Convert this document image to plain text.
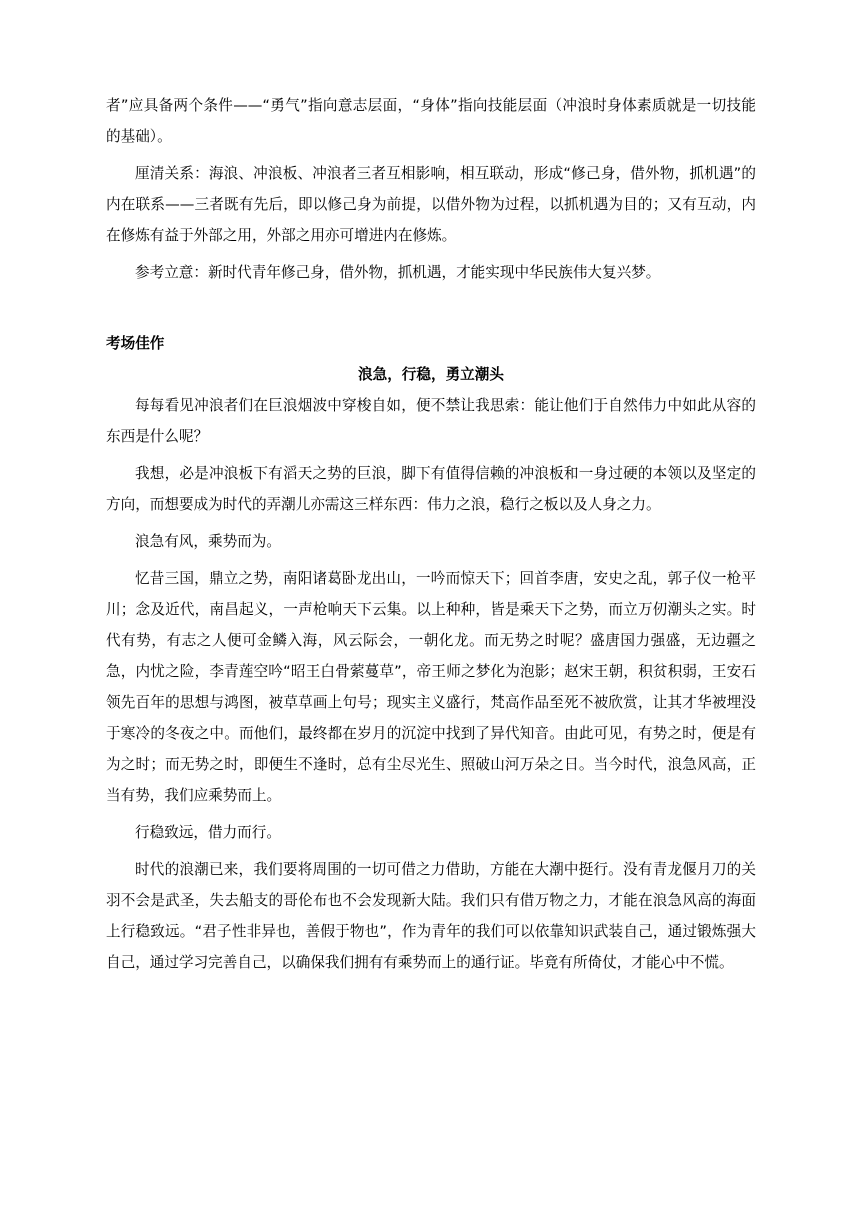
者”应具备两个条件——“勇气”指向意志层面，“身体”指向技能层面（冲浪时身体素质就是一切技能的基础）。

厘清关系：海浪、冲浪板、冲浪者三者互相影响，相互联动，形成“修己身，借外物，抓机遇”的内在联系——三者既有先后，即以修己身为前提，以借外物为过程，以抓机遇为目的；又有互动，内在修炼有益于外部之用，外部之用亦可增进内在修炼。

参考立意：新时代青年修己身，借外物，抓机遇，才能实现中华民族伟大复兴梦。

考场佳作

浪急，行稳，勇立潮头

每每看见冲浪者们在巨浪烟波中穿梭自如，便不禁让我思索：能让他们于自然伟力中如此从容的东西是什么呢？

我想，必是冲浪板下有滔天之势的巨浪，脚下有值得信赖的冲浪板和一身过硬的本领以及坚定的方向，而想要成为时代的弄潮儿亦需这三样东西：伟力之浪，稳行之板以及人身之力。

浪急有风，乘势而为。

忆昔三国，鼎立之势，南阳诸葛卧龙出山，一吟而惊天下；回首李唐，安史之乱，郭子仪一枪平川；念及近代，南昌起义，一声枪响天下云集。以上种种，皆是乘天下之势，而立万仞潮头之实。时代有势，有志之人便可金鳞入海，风云际会，一朝化龙。而无势之时呢？盛唐国力强盛，无边疆之急，内忧之险，李青莲空吟“昭王白骨萦蔓草”，帝王师之梦化为泡影；赵宋王朝，积贫积弱，王安石领先百年的思想与鸿图，被草草画上句号；现实主义盛行，梵高作品至死不被欣赏，让其才华被埋没于寒冷的冬夜之中。而他们，最终都在岁月的沉淀中找到了异代知音。由此可见，有势之时，便是有为之时；而无势之时，即便生不逢时，总有尘尽光生、照破山河万朵之日。当今时代，浪急风高，正当有势，我们应乘势而上。

行稳致远，借力而行。

时代的浪潮已来，我们要将周围的一切可借之力借助，方能在大潮中挺行。没有青龙偃月刀的关羽不会是武圣，失去船支的哥伦布也不会发现新大陆。我们只有借万物之力，才能在浪急风高的海面上行稳致远。“君子性非异也，善假于物也”，作为青年的我们可以依靠知识武装自己，通过锻炼强大自己，通过学习完善自己，以确保我们拥有有乘势而上的通行证。毕竟有所倚仗，才能心中不慌。
